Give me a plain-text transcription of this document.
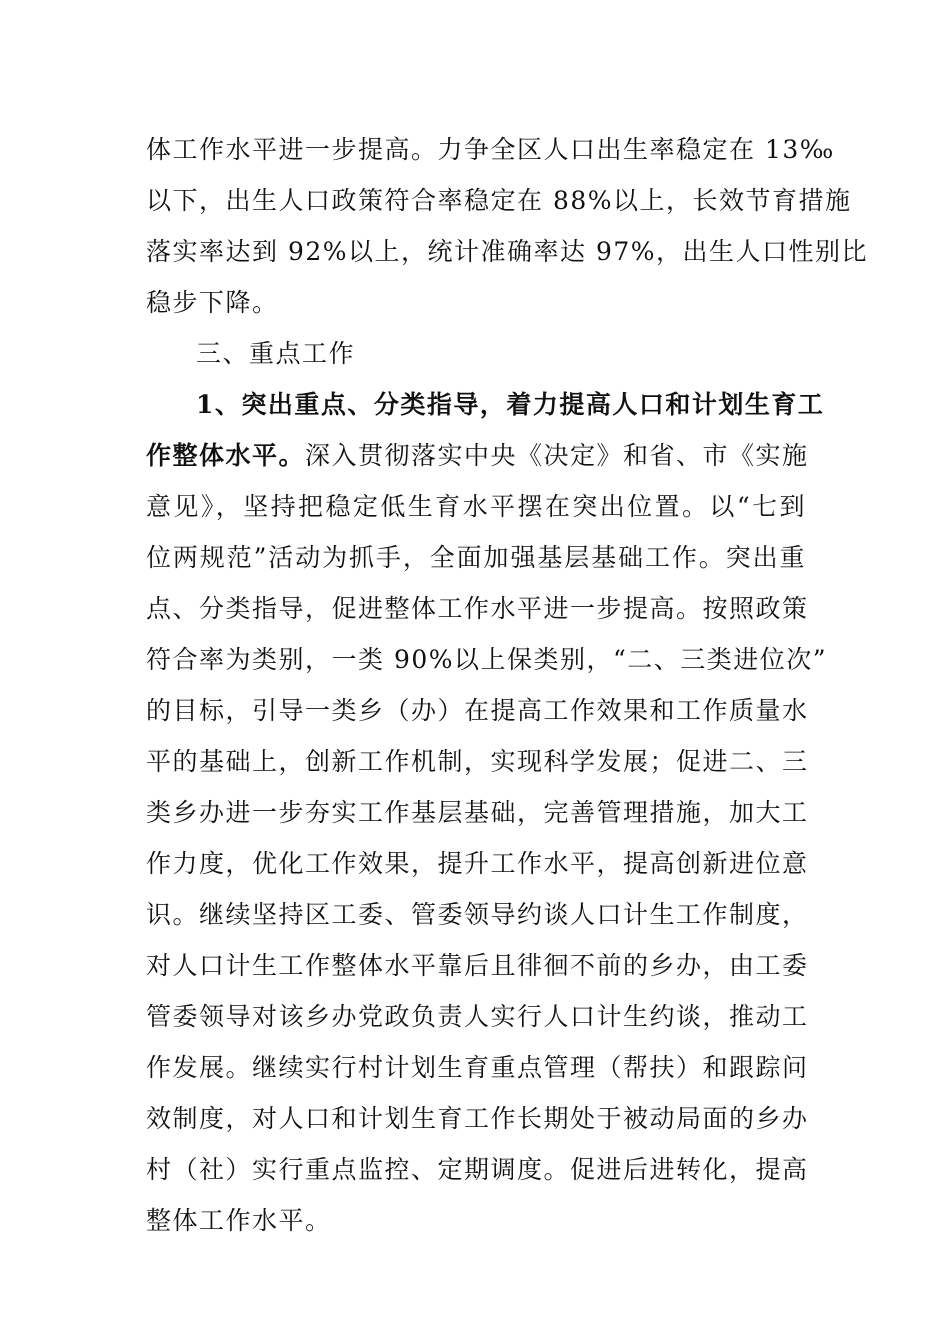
体工作水平进一步提高。力争全区人口出生率稳定在 13‰
以下，出生人口政策符合率稳定在 88%以上，长效节育措施
落实率达到 92%以上，统计准确率达 97%，出生人口性别比
稳步下降。
三、重点工作
1、突出重点、分类指导，着力提高人口和计划生育工
作整体水平。深入贯彻落实中央《决定》和省、市《实施
意见》，坚持把稳定低生育水平摆在突出位置。以“七到
位两规范”活动为抓手，全面加强基层基础工作。突出重
点、分类指导，促进整体工作水平进一步提高。按照政策
符合率为类别，一类 90%以上保类别，“二、三类进位次”
的目标，引导一类乡（办）在提高工作效果和工作质量水
平的基础上，创新工作机制，实现科学发展；促进二、三
类乡办进一步夯实工作基层基础，完善管理措施，加大工
作力度，优化工作效果，提升工作水平，提高创新进位意
识。继续坚持区工委、管委领导约谈人口计生工作制度，
对人口计生工作整体水平靠后且徘徊不前的乡办，由工委
管委领导对该乡办党政负责人实行人口计生约谈，推动工
作发展。继续实行村计划生育重点管理（帮扶）和跟踪问
效制度，对人口和计划生育工作长期处于被动局面的乡办
村（社）实行重点监控、定期调度。促进后进转化，提高
整体工作水平。
